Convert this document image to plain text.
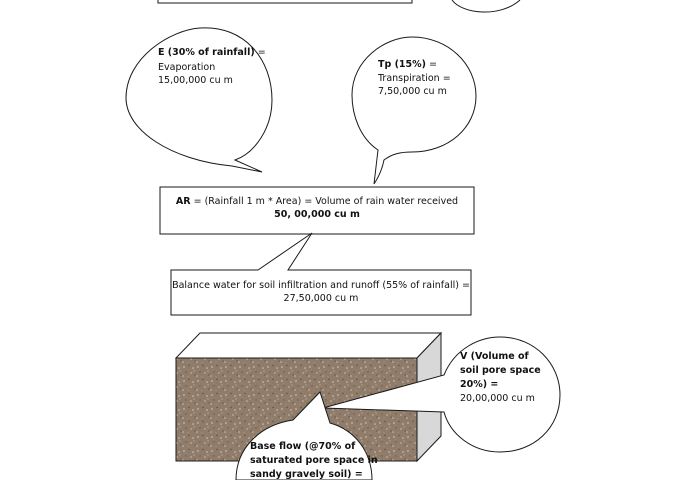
E (30% of rainfall) =
Evaporation
15,00,000 cu m
Tp (15%) =
Transpiration =
7,50,000 cu m
AR = (Rainfall 1 m * Area) = Volume of rain water received
50, 00,000 cu m
Balance water for soil infiltration and runoff (55% of rainfall) =
27,50,000 cu m
V (Volume of
soil pore space
20%) =
20,00,000 cu m
Base flow (@70% of
saturated pore space in
sandy gravely soil) =
